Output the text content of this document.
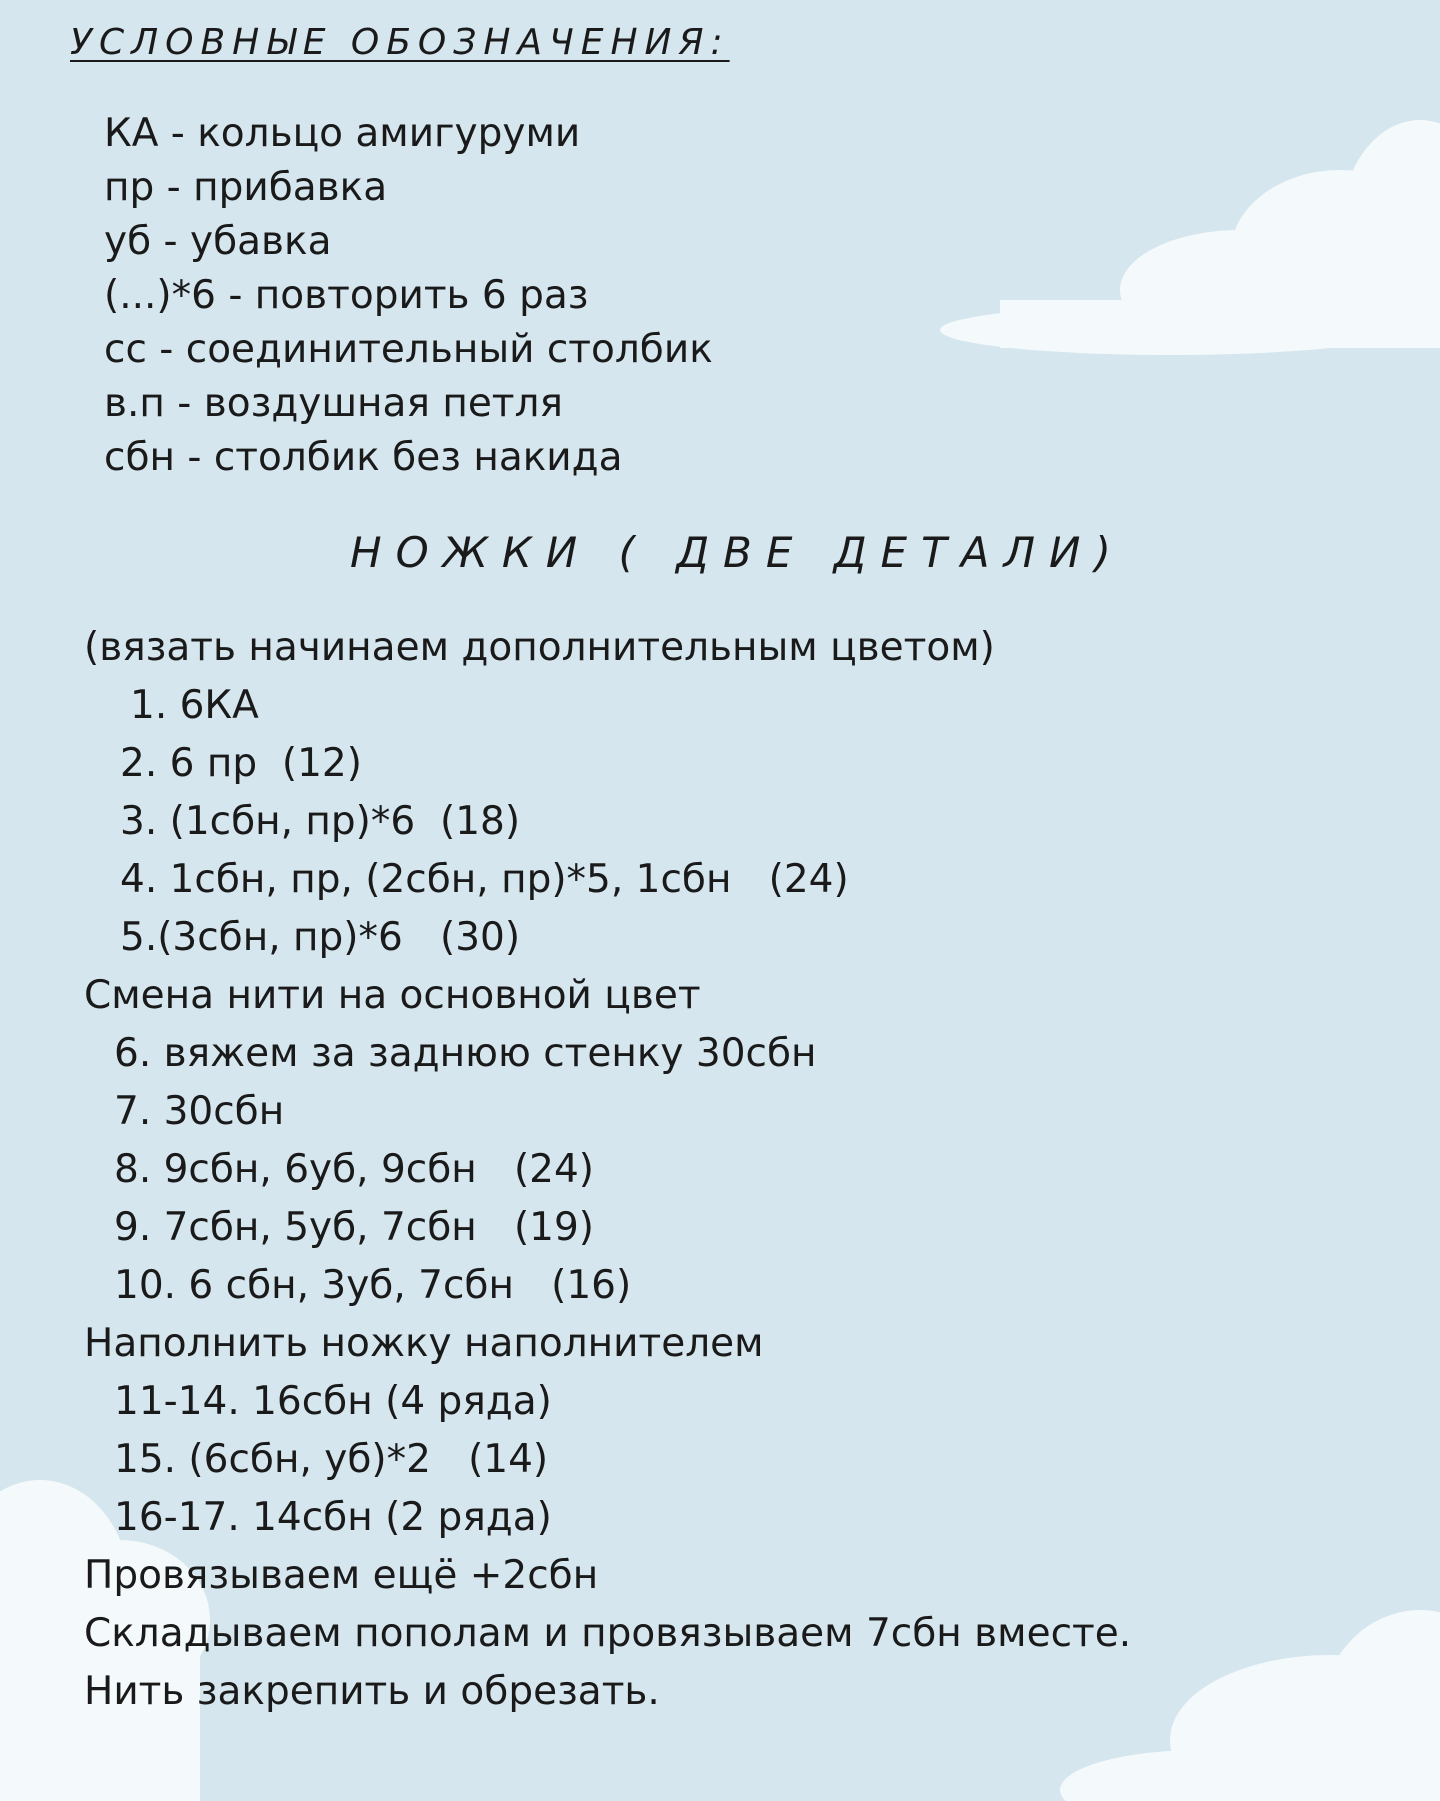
УСЛОВНЫЕ ОБОЗНАЧЕНИЯ:

КА - кольцо амигуруми

пр - прибавка

уб - убавка

(...)*6 - повторить 6 раз

сс - соединительный столбик

в.п - воздушная петля

сбн - столбик без накида

НОЖКИ ( ДВЕ ДЕТАЛИ)

(вязать начинаем дополнительным цветом)

1. 6КА

2. 6 пр  (12)

3. (1сбн, пр)*6  (18)

4. 1сбн, пр, (2сбн, пр)*5, 1сбн   (24)

5.(3сбн, пр)*6   (30)

Смена нити на основной цвет

6. вяжем за заднюю стенку 30сбн

7. 30сбн

8. 9сбн, 6уб, 9сбн   (24)

9. 7сбн, 5уб, 7сбн   (19)

10. 6 сбн, 3уб, 7сбн   (16)

Наполнить ножку наполнителем

11-14. 16сбн (4 ряда)

15. (6сбн, уб)*2   (14)

16-17. 14сбн (2 ряда)

Провязываем ещё +2сбн

Складываем пополам и провязываем 7сбн вместе.

Нить закрепить и обрезать.
